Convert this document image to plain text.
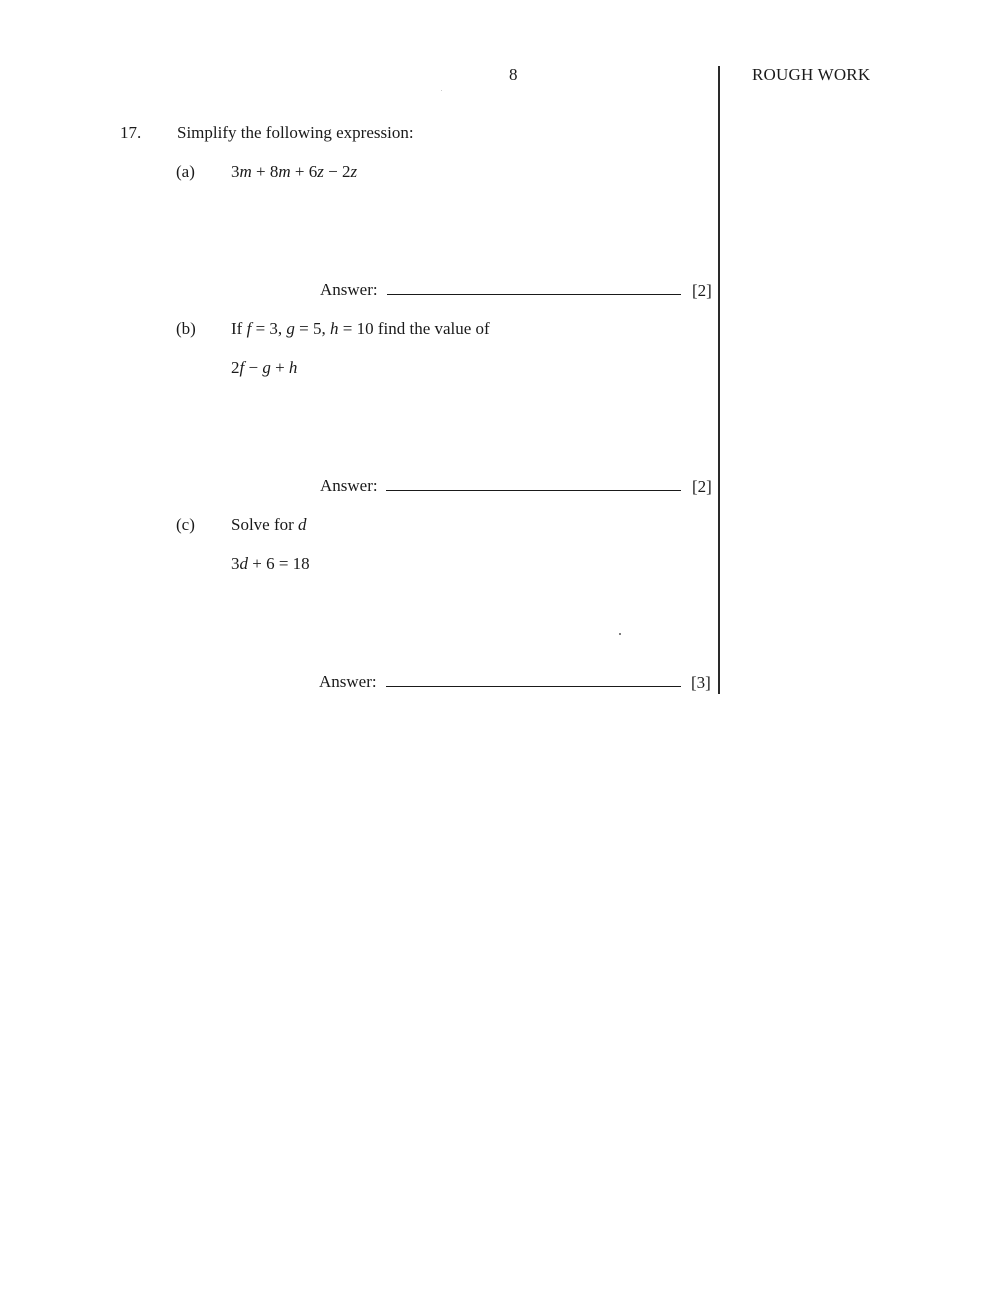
8	ROUGH WORK
17. Simplify the following expression:
(a) 3m + 8m + 6z − 2z
Answer:	[2]
(b) If f = 3, g = 5, h = 10 find the value of
2f − g + h
Answer:	[2]
(c) Solve for d
3d + 6 = 18
Answer:	[3]
